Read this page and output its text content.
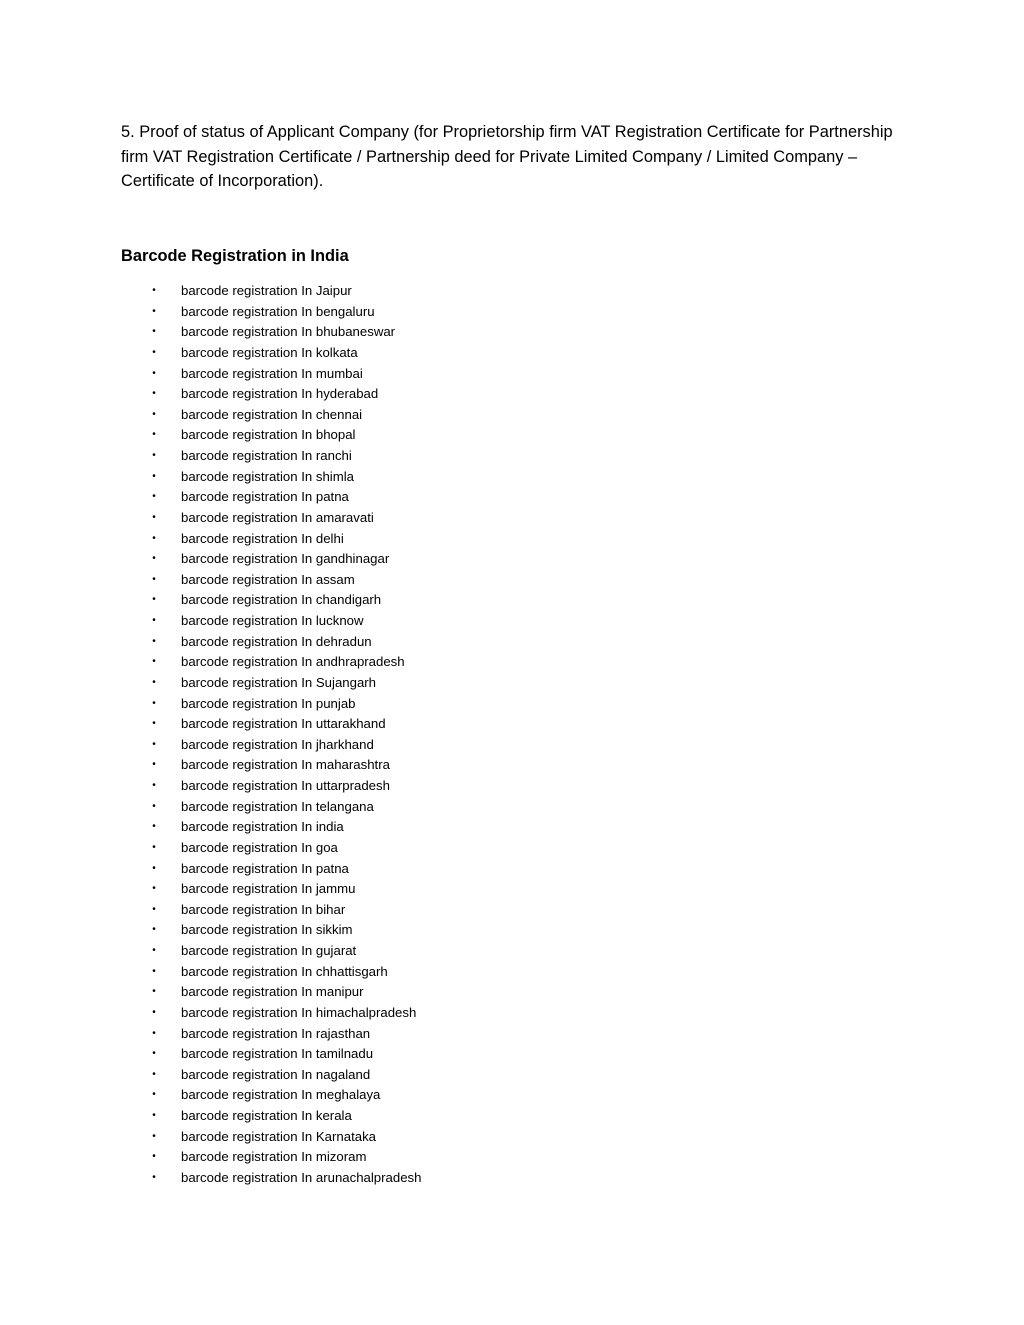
5. Proof of status of Applicant Company (for Proprietorship firm VAT Registration Certificate for Partnership firm VAT Registration Certificate / Partnership deed for Private Limited Company / Limited Company – Certificate of Incorporation).

Barcode Registration in India
• barcode registration In Jaipur
• barcode registration In bengaluru
• barcode registration In bhubaneswar
• barcode registration In kolkata
• barcode registration In mumbai
• barcode registration In hyderabad
• barcode registration In chennai
• barcode registration In bhopal
• barcode registration In ranchi
• barcode registration In shimla
• barcode registration In patna
• barcode registration In amaravati
• barcode registration In delhi
• barcode registration In gandhinagar
• barcode registration In assam
• barcode registration In chandigarh
• barcode registration In lucknow
• barcode registration In dehradun
• barcode registration In andhrapradesh
• barcode registration In Sujangarh
• barcode registration In punjab
• barcode registration In uttarakhand
• barcode registration In jharkhand
• barcode registration In maharashtra
• barcode registration In uttarpradesh
• barcode registration In telangana
• barcode registration In india
• barcode registration In goa
• barcode registration In patna
• barcode registration In jammu
• barcode registration In bihar
• barcode registration In sikkim
• barcode registration In gujarat
• barcode registration In chhattisgarh
• barcode registration In manipur
• barcode registration In himachalpradesh
• barcode registration In rajasthan
• barcode registration In tamilnadu
• barcode registration In nagaland
• barcode registration In meghalaya
• barcode registration In kerala
• barcode registration In Karnataka
• barcode registration In mizoram
• barcode registration In arunachalpradesh
